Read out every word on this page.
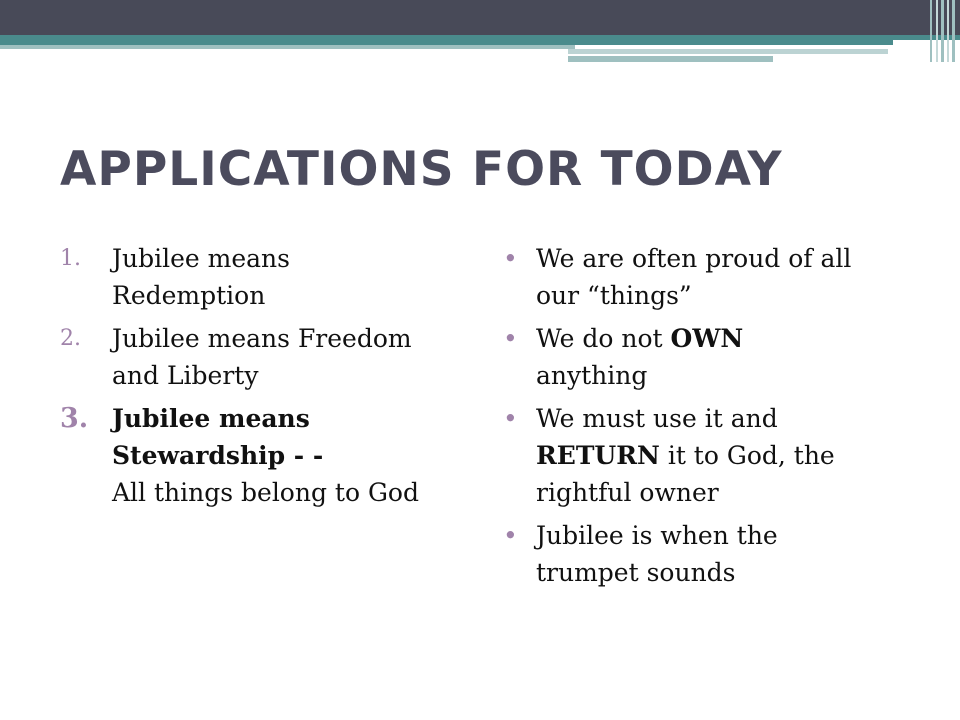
APPLICATIONS FOR TODAY
1. Jubilee means
Redemption
2. Jubilee means Freedom
and Liberty
3. Jubilee means
Stewardship - -
All things belong to God
• We are often proud of all
our “things”
• We do not OWN
anything
• We must use it and
RETURN it to God, the
rightful owner
• Jubilee is when the
trumpet sounds
